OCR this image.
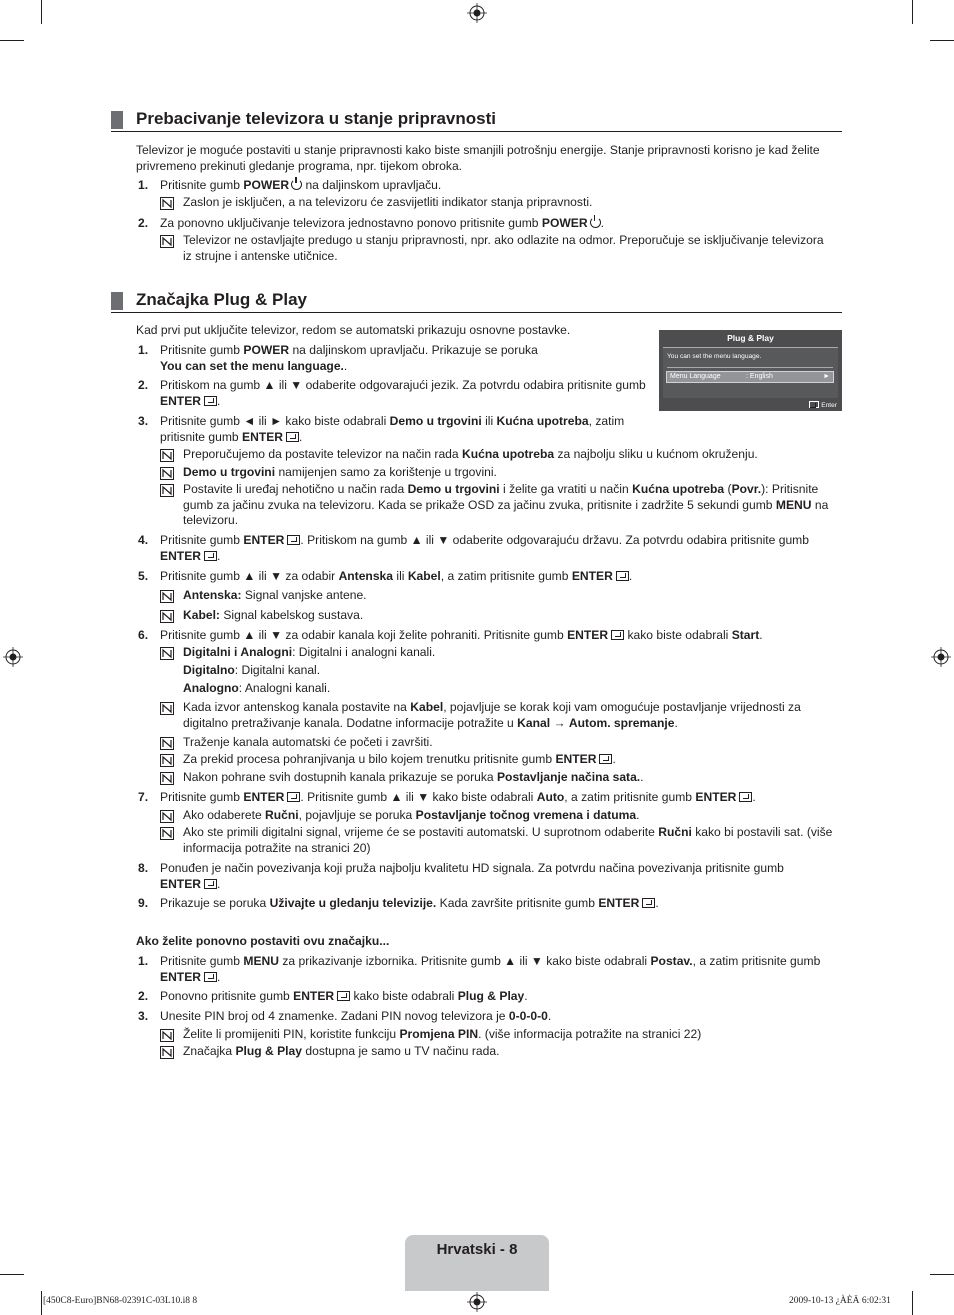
Prebacivanje televizora u stanje pripravnosti
Televizor je moguće postaviti u stanje pripravnosti kako biste smanjili potrošnju energije. Stanje pripravnosti korisno je kad želite privremeno prekinuti gledanje programa, npr. tijekom obroka.
1. Pritisnite gumb POWER na daljinskom upravljaču.
Zaslon je isključen, a na televizoru će zasvijetliti indikator stanja pripravnosti.
2. Za ponovno uključivanje televizora jednostavno ponovo pritisnite gumb POWER .
Televizor ne ostavljajte predugo u stanju pripravnosti, npr. ako odlazite na odmor. Preporučuje se isključivanje televizora iz strujne i antenske utičnice.
Značajka Plug & Play
Kad prvi put uključite televizor, redom se automatski prikazuju osnovne postavke.
Plug & Play
You can set the menu language.
Menu Language	: English	►
Enter
1. Pritisnite gumb POWER na daljinskom upravljaču. Prikazuje se poruka
You can set the menu language..
2. Pritiskom na gumb ▲ ili ▼ odaberite odgovarajući jezik. Za potvrdu odabira pritisnite gumb
ENTER .
3. Pritisnite gumb ◄ ili ► kako biste odabrali Demo u trgovini ili Kućna upotreba, zatim
pritisnite gumb ENTER .
Preporučujemo da postavite televizor na način rada Kućna upotreba za najbolju sliku u kućnom okruženju.
Demo u trgovini namijenjen samo za korištenje u trgovini.
Postavite li uređaj nehotično u način rada Demo u trgovini i želite ga vratiti u način Kućna upotreba (Povr.): Pritisnite gumb za jačinu zvuka na televizoru. Kada se prikaže OSD za jačinu zvuka, pritisnite i zadržite 5 sekundi gumb MENU na televizoru.
4. Pritisnite gumb ENTER . Pritiskom na gumb ▲ ili ▼ odaberite odgovarajuću državu. Za potvrdu odabira pritisnite gumb
ENTER .
5. Pritisnite gumb ▲ ili ▼ za odabir Antenska ili Kabel, a zatim pritisnite gumb ENTER .
Antenska: Signal vanjske antene.
Kabel: Signal kabelskog sustava.
6. Pritisnite gumb ▲ ili ▼ za odabir kanala koji želite pohraniti. Pritisnite gumb ENTER kako biste odabrali Start.
Digitalni i Analogni: Digitalni i analogni kanali.
Digitalno: Digitalni kanal.
Analogno: Analogni kanali.
Kada izvor antenskog kanala postavite na Kabel, pojavljuje se korak koji vam omogućuje postavljanje vrijednosti za
digitalno pretraživanje kanala. Dodatne informacije potražite u Kanal → Autom. spremanje.
Traženje kanala automatski će početi i završiti.
Za prekid procesa pohranjivanja u bilo kojem trenutku pritisnite gumb ENTER .
Nakon pohrane svih dostupnih kanala prikazuje se poruka Postavljanje načina sata..
7. Pritisnite gumb ENTER . Pritisnite gumb ▲ ili ▼ kako biste odabrali Auto, a zatim pritisnite gumb ENTER .
Ako odaberete Ručni, pojavljuje se poruka Postavljanje točnog vremena i datuma.
Ako ste primili digitalni signal, vrijeme će se postaviti automatski. U suprotnom odaberite Ručni kako bi postavili sat. (više
informacija potražite na stranici 20)
8. Ponuđen je način povezivanja koji pruža najbolju kvalitetu HD signala. Za potvrdu načina povezivanja pritisnite gumb
ENTER .
9. Prikazuje se poruka Uživajte u gledanju televizije. Kada završite pritisnite gumb ENTER .
Ako želite ponovno postaviti ovu značajku...
1. Pritisnite gumb MENU za prikazivanje izbornika. Pritisnite gumb ▲ ili ▼ kako biste odabrali Postav., a zatim pritisnite gumb
ENTER .
2. Ponovno pritisnite gumb ENTER kako biste odabrali Plug & Play.
3. Unesite PIN broj od 4 znamenke. Zadani PIN novog televizora je 0-0-0-0.
Želite li promijeniti PIN, koristite funkciju Promjena PIN. (više informacija potražite na stranici 22)
Značajka Plug & Play dostupna je samo u TV načinu rada.
Hrvatski - 8
[450C8-Euro]BN68-02391C-03L10.i8 8	2009-10-13 ¿ÀÈÄ 6:02:31
